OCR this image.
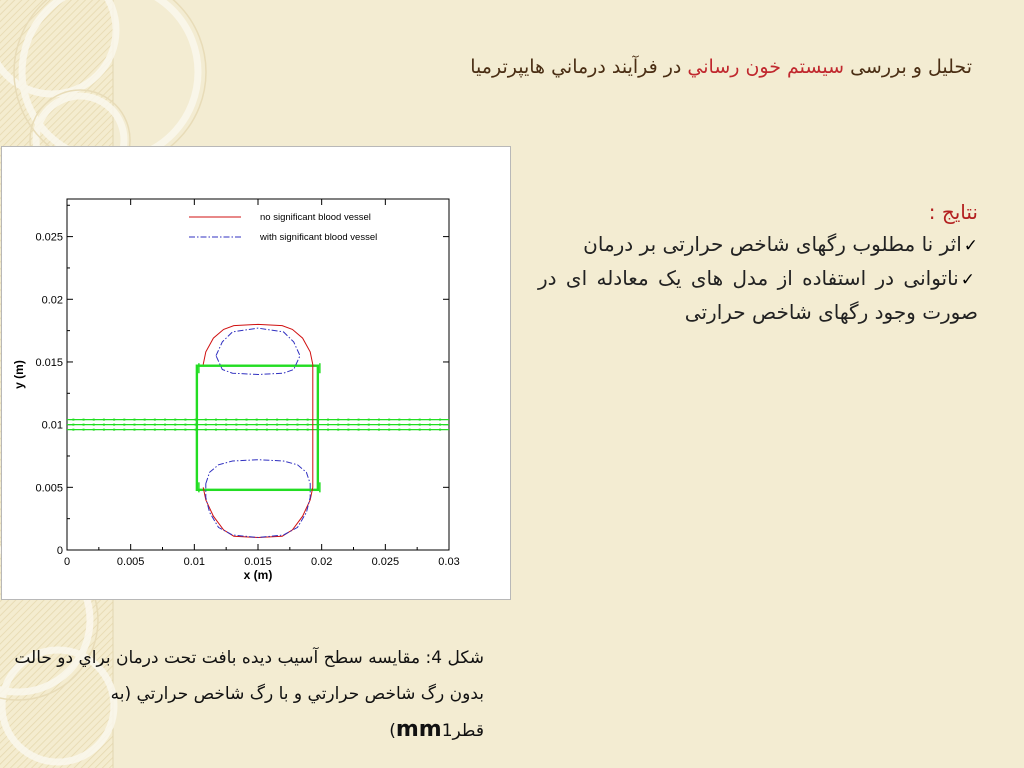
تحليل و بررسی سيستم خون رساني در فرآيند درماني هايپرترميا
0	0.005	0.01	0.015	0.02	0.025	0.03
0
0.005
0.01
0.015
0.02
0.025
x (m)
y (m)
no significant blood vessel
with significant blood vessel
نتايج :
✓اثر نا مطلوب رگهای شاخص حرارتی بر درمان
✓ناتوانی در استفاده از مدل های يک معادله ای در صورت وجود رگهای شاخص حرارتی
شکل 4: مقايسه سطح آسيب ديده بافت تحت درمان براي دو حالت بدون رگ شاخص حرارتي و با رگ شاخص حرارتي (به قطرmm1)
